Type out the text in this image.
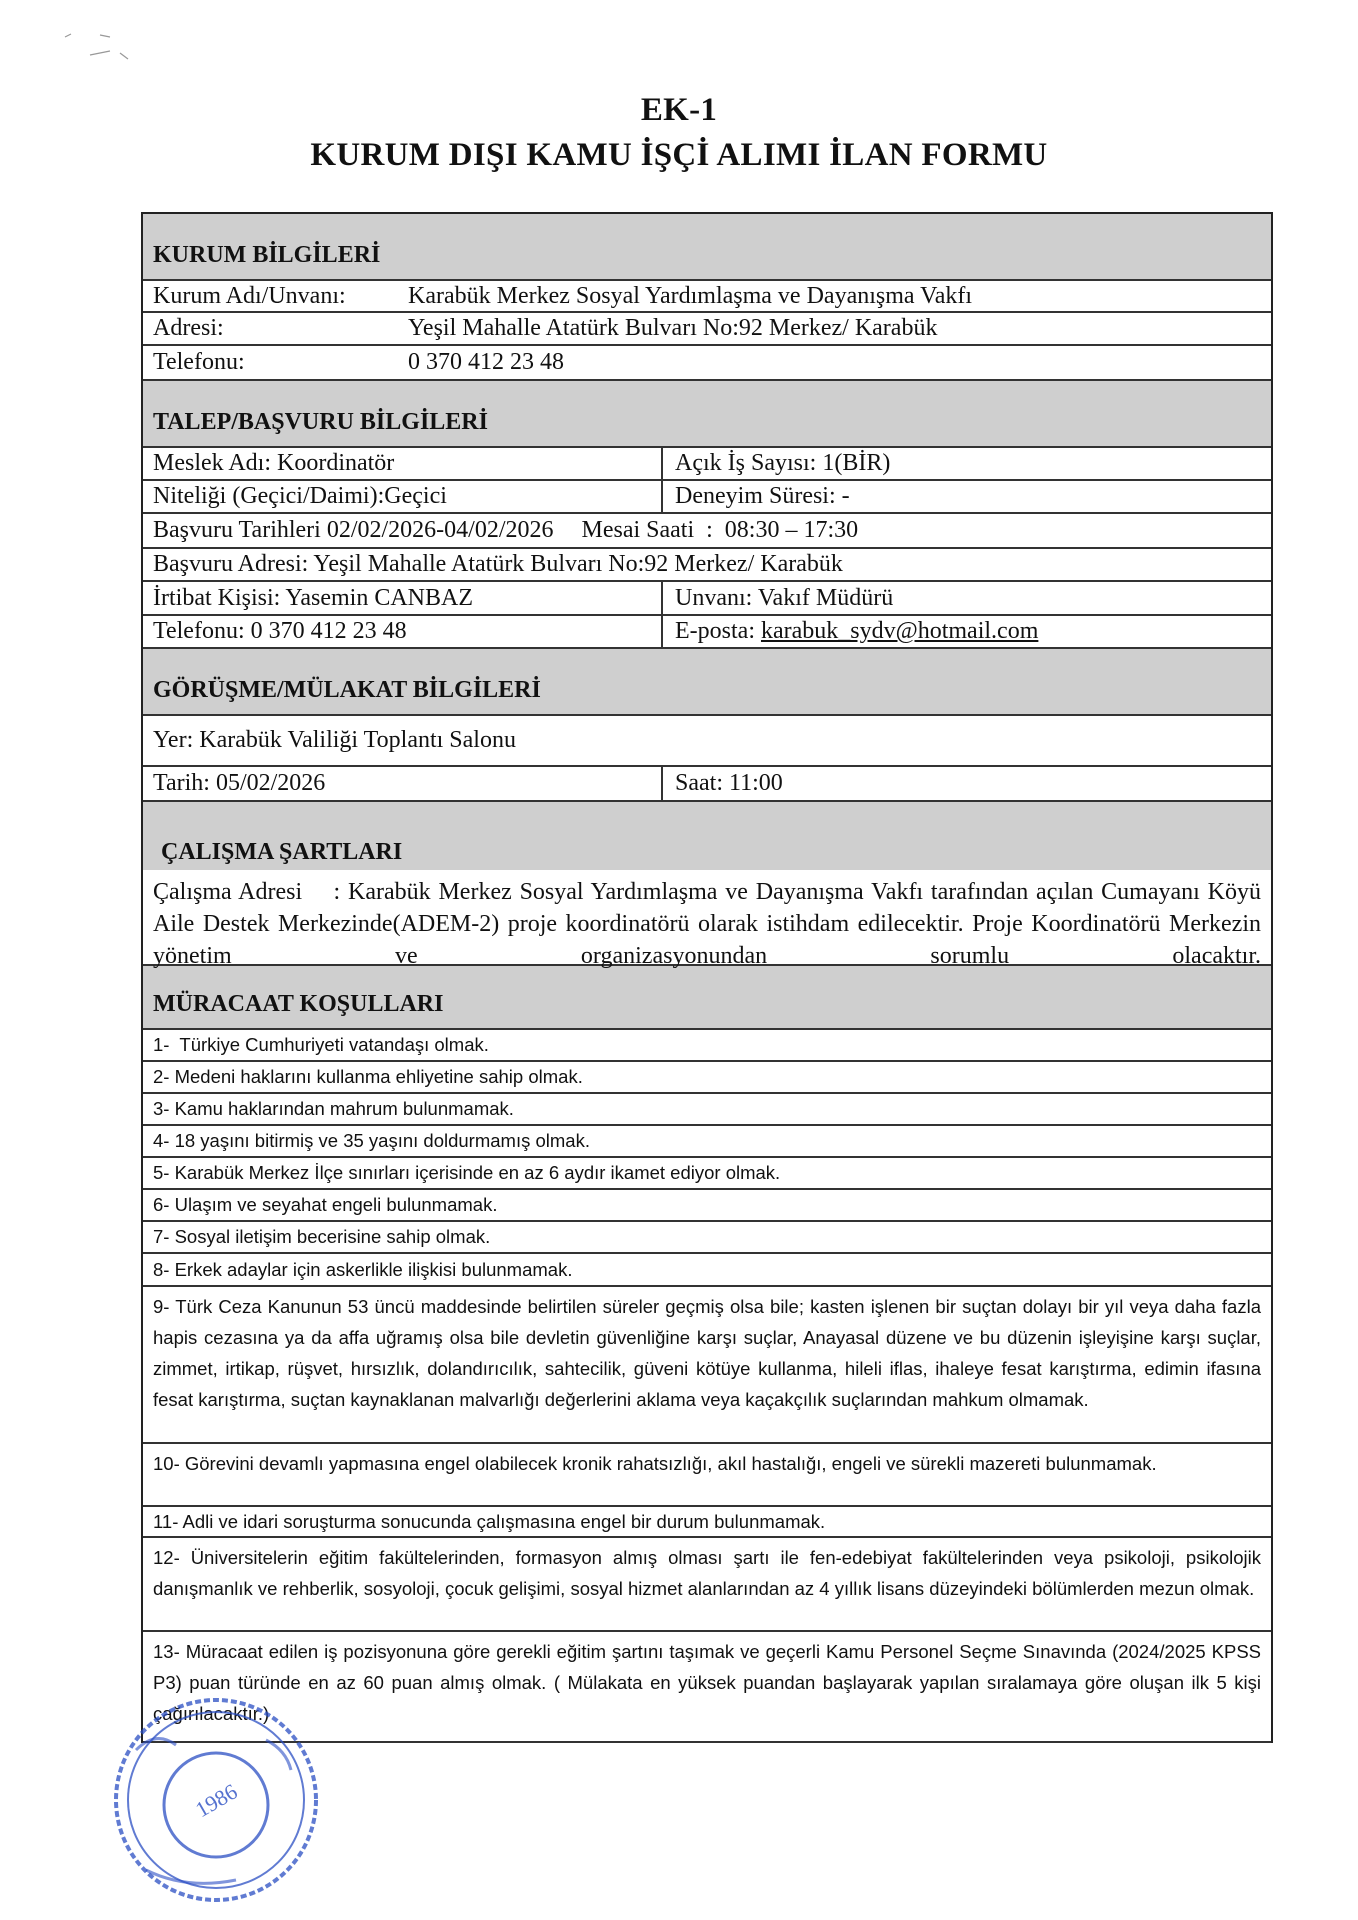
EK-1
KURUM DIŞI KAMU İŞÇİ ALIMI İLAN FORMU
KURUM BİLGİLERİ
Kurum Adı/Unvanı:	Karabük Merkez Sosyal Yardımlaşma ve Dayanışma Vakfı
Adresi:	Yeşil Mahalle Atatürk Bulvarı No:92 Merkez/ Karabük
Telefonu:	0 370 412 23 48
TALEP/BAŞVURU BİLGİLERİ
Meslek Adı: Koordinatör	Açık İş Sayısı: 1(BİR)
Niteliği (Geçici/Daimi):Geçici	Deneyim Süresi: -
Başvuru Tarihleri 02/02/2026-04/02/2026 Mesai Saati  :  08:30 – 17:30
Başvuru Adresi: Yeşil Mahalle Atatürk Bulvarı No:92 Merkez/ Karabük
İrtibat Kişisi: Yasemin CANBAZ	Unvanı: Vakıf Müdürü
Telefonu: 0 370 412 23 48	E-posta: karabuk_sydv@hotmail.com
GÖRÜŞME/MÜLAKAT BİLGİLERİ
Yer: Karabük Valiliği Toplantı Salonu
Tarih: 05/02/2026	Saat: 11:00
ÇALIŞMA ŞARTLARI
Çalışma Adresi    : Karabük Merkez Sosyal Yardımlaşma ve Dayanışma Vakfı tarafından açılan Cumayanı Köyü Aile Destek Merkezinde(ADEM-2) proje koordinatörü olarak istihdam edilecektir. Proje Koordinatörü Merkezin yönetim ve organizasyonundan sorumlu olacaktır.
MÜRACAAT KOŞULLARI
1-  Türkiye Cumhuriyeti vatandaşı olmak.
2- Medeni haklarını kullanma ehliyetine sahip olmak.
3- Kamu haklarından mahrum bulunmamak.
4- 18 yaşını bitirmiş ve 35 yaşını doldurmamış olmak.
5- Karabük Merkez İlçe sınırları içerisinde en az 6 aydır ikamet ediyor olmak.
6- Ulaşım ve seyahat engeli bulunmamak.
7- Sosyal iletişim becerisine sahip olmak.
8- Erkek adaylar için askerlikle ilişkisi bulunmamak.
9- Türk Ceza Kanunun 53 üncü maddesinde belirtilen süreler geçmiş olsa bile; kasten işlenen bir suçtan dolayı bir yıl veya daha fazla hapis cezasına ya da affa uğramış olsa bile devletin güvenliğine karşı suçlar, Anayasal düzene ve bu düzenin işleyişine karşı suçlar, zimmet, irtikap, rüşvet, hırsızlık, dolandırıcılık, sahtecilik, güveni kötüye kullanma, hileli iflas, ihaleye fesat karıştırma, edimin ifasına fesat karıştırma, suçtan kaynaklanan malvarlığı değerlerini aklama veya kaçakçılık suçlarından mahkum olmamak.
10- Görevini devamlı yapmasına engel olabilecek kronik rahatsızlığı, akıl hastalığı, engeli ve sürekli mazereti bulunmamak.
11- Adli ve idari soruşturma sonucunda çalışmasına engel bir durum bulunmamak.
12- Üniversitelerin eğitim fakültelerinden, formasyon almış olması şartı ile fen-edebiyat fakültelerinden veya psikoloji, psikolojik danışmanlık ve rehberlik, sosyoloji, çocuk gelişimi, sosyal hizmet alanlarından az 4 yıllık lisans düzeyindeki bölümlerden mezun olmak.
13- Müracaat edilen iş pozisyonuna göre gerekli eğitim şartını taşımak ve geçerli Kamu Personel Seçme Sınavında (2024/2025 KPSS P3) puan türünde en az 60 puan almış olmak. ( Mülakata en yüksek puandan başlayarak yapılan sıralamaya göre oluşan ilk 5 kişi çağırılacaktır.)
1986
